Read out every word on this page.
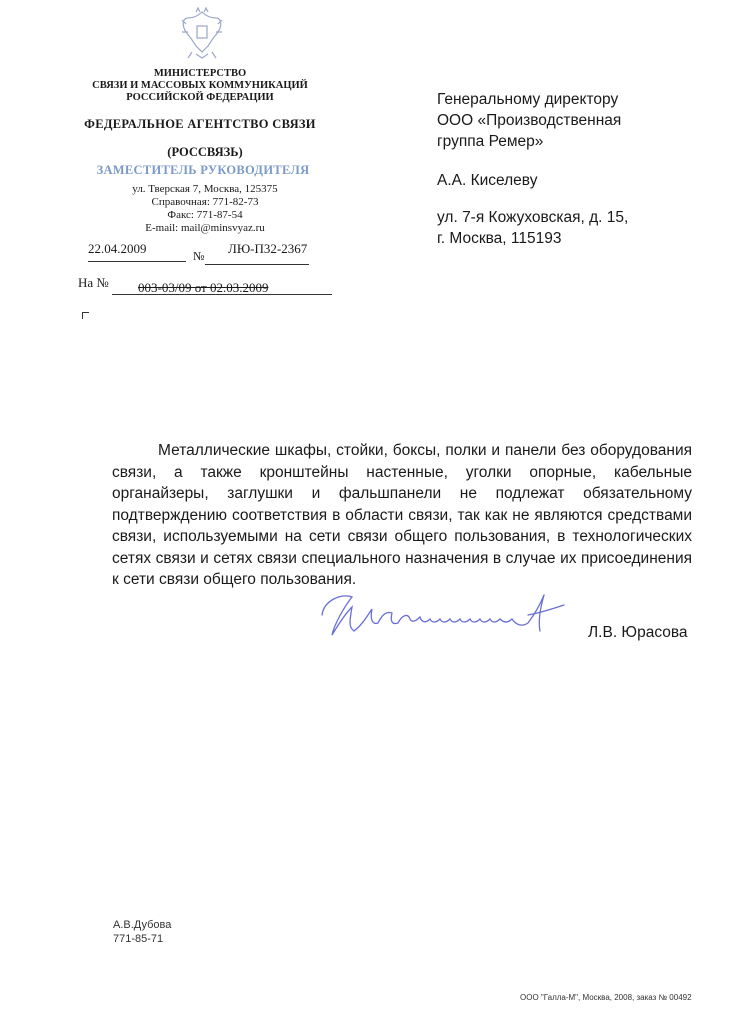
МИНИСТЕРСТВО
СВЯЗИ И МАССОВЫХ КОММУНИКАЦИЙ
РОССИЙСКОЙ ФЕДЕРАЦИИ
ФЕДЕРАЛЬНОЕ АГЕНТСТВО СВЯЗИ
(РОССВЯЗЬ)
ЗАМЕСТИТЕЛЬ РУКОВОДИТЕЛЯ
ул. Тверская 7, Москва, 125375
Справочная: 771-82-73
Факс: 771-87-54
E-mail: mail@minsvyaz.ru
22.04.2009	№ ЛЮ-П32-2367
На № 003-03/09 от 02.03.2009
Генеральному директору
ООО «Производственная
группа Ремер»
А.А. Киселеву
ул. 7-я Кожуховская, д. 15,
г. Москва, 115193
Металлические шкафы, стойки, боксы, полки и панели без оборудования связи, а также кронштейны настенные, уголки опорные, кабельные органайзеры, заглушки и фальшпанели не подлежат обязательному подтверждению соответствия в области связи, так как не являются средствами связи, используемыми на сети связи общего пользования, в технологических сетях связи и сетях связи специального назначения в случае их присоединения к сети связи общего пользования.
Л.В. Юрасова
А.В.Дубова
771-85-71
ООО "Галла-М", Москва, 2008, заказ № 00492
